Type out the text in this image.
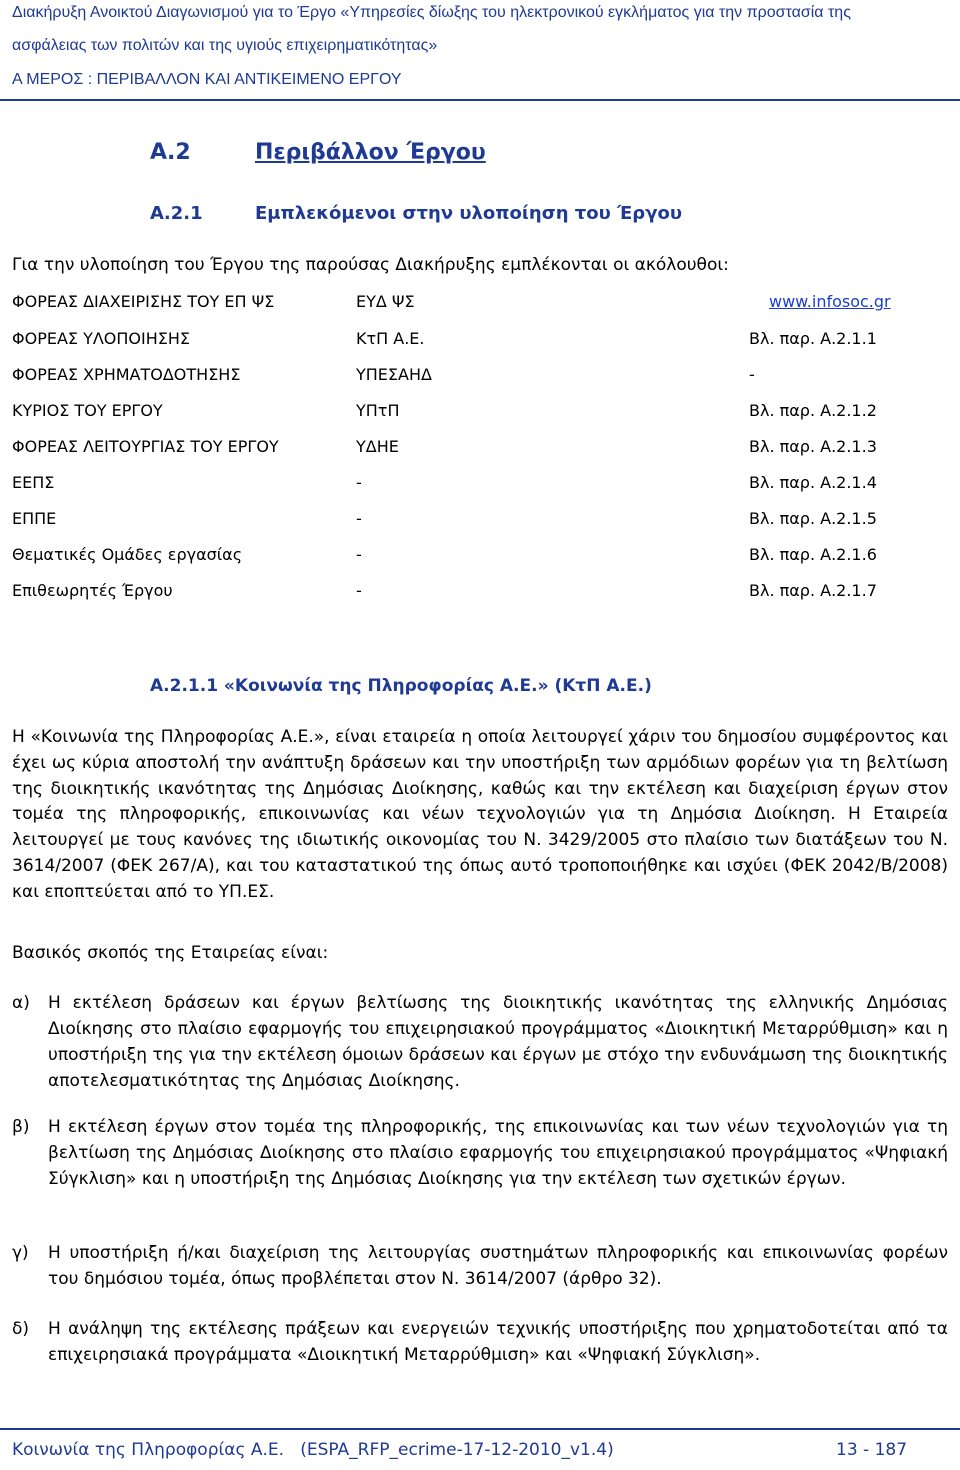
Διακήρυξη Ανοικτού Διαγωνισμού για το Έργο «Υπηρεσίες δίωξης του ηλεκτρονικού εγκλήματος για την προστασία της
ασφάλειας των πολιτών και της υγιούς επιχειρηματικότητας»
Α ΜΕΡΟΣ : ΠΕΡΙΒΑΛΛΟΝ ΚΑΙ ΑΝΤΙΚΕΙΜΕΝΟ ΕΡΓΟΥ
Α.2	Περιβάλλον Έργου
Α.2.1	Εμπλεκόμενοι στην υλοποίηση του Έργου
Για την υλοποίηση του Έργου της παρούσας Διακήρυξης εμπλέκονται οι ακόλουθοι:
ΦΟΡΕΑΣ ΔΙΑΧΕΙΡΙΣΗΣ ΤΟΥ ΕΠ ΨΣ	ΕΥΔ ΨΣ	www.infosoc.gr
ΦΟΡΕΑΣ ΥΛΟΠΟΙΗΣΗΣ	ΚτΠ Α.Ε.	Βλ. παρ. Α.2.1.1
ΦΟΡΕΑΣ ΧΡΗΜΑΤΟΔΟΤΗΣΗΣ	ΥΠΕΣΑΗΔ	-
ΚΥΡΙΟΣ ΤΟΥ ΕΡΓΟΥ	ΥΠτΠ	Βλ. παρ. Α.2.1.2
ΦΟΡΕΑΣ ΛΕΙΤΟΥΡΓΙΑΣ ΤΟΥ ΕΡΓΟΥ	ΥΔΗΕ	Βλ. παρ. Α.2.1.3
ΕΕΠΣ	-	Βλ. παρ. Α.2.1.4
ΕΠΠΕ	-	Βλ. παρ. Α.2.1.5
Θεματικές Ομάδες εργασίας	-	Βλ. παρ. Α.2.1.6
Επιθεωρητές Έργου	-	Βλ. παρ. Α.2.1.7
Α.2.1.1 «Κοινωνία της Πληροφορίας Α.Ε.» (ΚτΠ Α.Ε.)
Η «Κοινωνία της Πληροφορίας Α.Ε.», είναι εταιρεία η οποία λειτουργεί χάριν του δημοσίου συμφέροντος και έχει ως κύρια αποστολή την ανάπτυξη δράσεων και την υποστήριξη των αρμόδιων φορέων για τη βελτίωση της διοικητικής ικανότητας της Δημόσιας Διοίκησης, καθώς και την εκτέλεση και διαχείριση έργων στον τομέα της πληροφορικής, επικοινωνίας και νέων τεχνολογιών για τη Δημόσια Διοίκηση. Η Εταιρεία λειτουργεί με τους κανόνες της ιδιωτικής οικονομίας του Ν. 3429/2005 στο πλαίσιο των διατάξεων του Ν. 3614/2007 (ΦΕΚ 267/Α), και του καταστατικού της όπως αυτό τροποποιήθηκε και ισχύει (ΦΕΚ 2042/Β/2008) και εποπτεύεται από το ΥΠ.ΕΣ.
Βασικός σκοπός της Εταιρείας είναι:
α) Η εκτέλεση δράσεων και έργων βελτίωσης της διοικητικής ικανότητας της ελληνικής Δημόσιας Διοίκησης στο πλαίσιο εφαρμογής του επιχειρησιακού προγράμματος «Διοικητική Μεταρρύθμιση» και η υποστήριξη της για την εκτέλεση όμοιων δράσεων και έργων με στόχο την ενδυνάμωση της διοικητικής αποτελεσματικότητας της Δημόσιας Διοίκησης.
β) Η εκτέλεση έργων στον τομέα της πληροφορικής, της επικοινωνίας και των νέων τεχνολογιών για τη βελτίωση της Δημόσιας Διοίκησης στο πλαίσιο εφαρμογής του επιχειρησιακού προγράμματος «Ψηφιακή Σύγκλιση» και η υποστήριξη της Δημόσιας Διοίκησης για την εκτέλεση των σχετικών έργων.
γ) Η υποστήριξη ή/και διαχείριση της λειτουργίας συστημάτων πληροφορικής και επικοινωνίας φορέων του δημόσιου τομέα, όπως προβλέπεται στον Ν. 3614/2007 (άρθρο 32).
δ) Η ανάληψη της εκτέλεσης πράξεων και ενεργειών τεχνικής υποστήριξης που χρηματοδοτείται από τα επιχειρησιακά προγράμματα «Διοικητική Μεταρρύθμιση» και «Ψηφιακή Σύγκλιση».
Κοινωνία της Πληροφορίας Α.Ε.   (ESPA_RFP_ecrime-17-12-2010_v1.4)	13 - 187
